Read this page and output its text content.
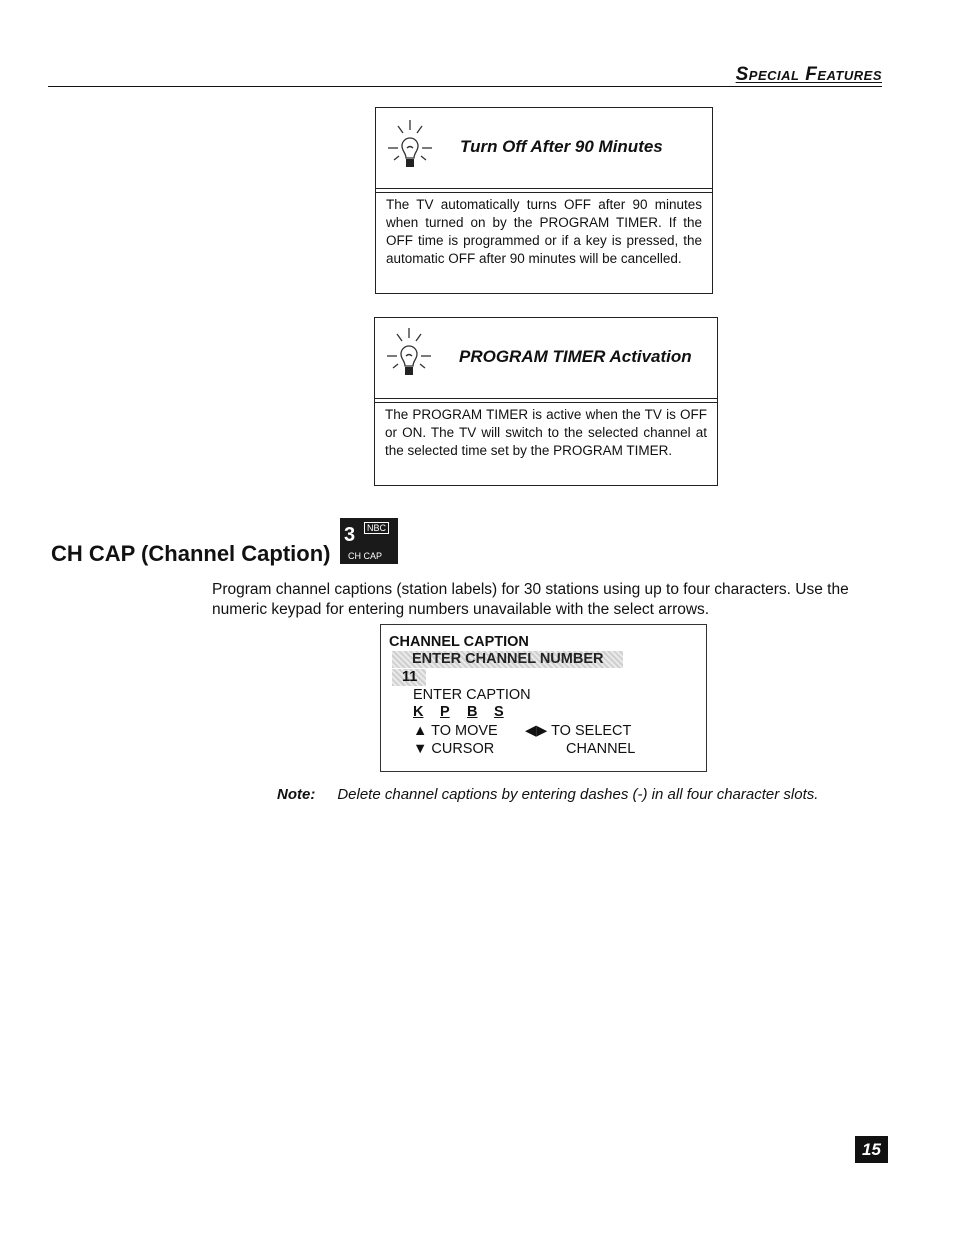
Special Features
Turn Off After 90 Minutes
The TV automatically turns OFF after 90 minutes when turned on by the PROGRAM TIMER. If the OFF time is programmed or if a key is pressed, the automatic OFF after 90 minutes will be cancelled.
PROGRAM TIMER Activation
The PROGRAM TIMER is active when the TV is OFF or ON. The TV will switch to the selected channel at the selected time set by the PROGRAM TIMER.
CH CAP (Channel Caption)
3	NBC
CH CAP
Program channel captions (station labels) for 30 stations using up to four characters. Use the numeric keypad for entering numbers unavailable with the select arrows.
CHANNEL CAPTION
ENTER CHANNEL NUMBER
11
ENTER CAPTION
K P B S
▲ TO MOVE
▼ CURSOR
◀▶ TO SELECT
CHANNEL
Note: Delete channel captions by entering dashes (-) in all four character slots.
15
